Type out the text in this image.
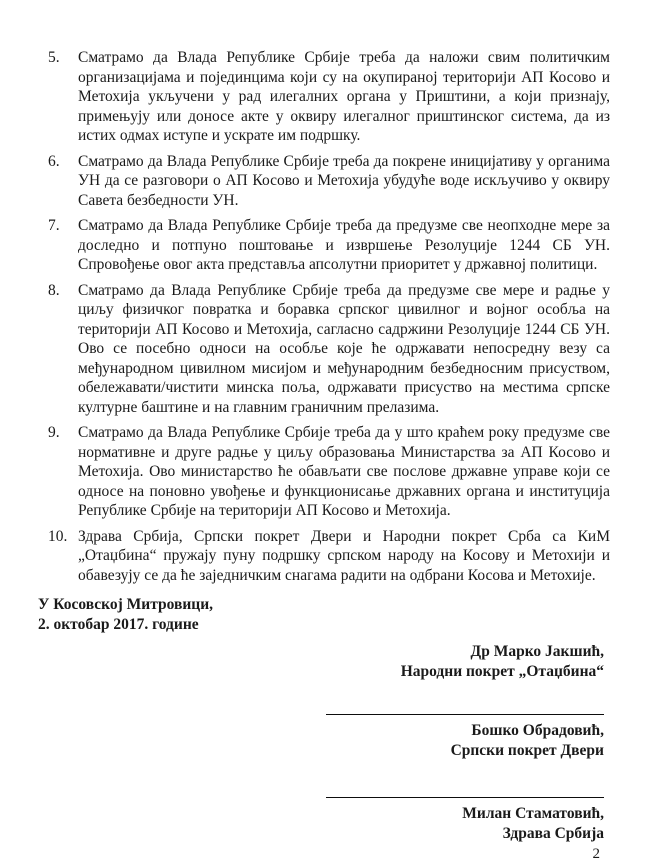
5.	Сматрамо да Влада Републике Србије треба да наложи свим политичким организацијама и појединцима који су на окупираној територији АП Косово и Метохија укључени у рад илегалних органа у Приштини, а који признају, примењују или доносе акте у оквиру илегалног приштинског система, да из истих одмах иступе и ускрате им подршку.
6.	Сматрамо да Влада Републике Србије треба да покрене иницијативу у органима УН да се разговори о АП Косово и Метохија убудуће воде искључиво у оквиру Савета безбедности УН.
7.	Сматрамо да Влада Републике Србије треба да предузме све неопходне мере за доследно и потпуно поштовање и извршење Резолуције 1244 СБ УН. Спровођење овог акта представља апсолутни приоритет у државној политици.
8.	Сматрамо да Влада Републике Србије треба да предузме све мере и радње у циљу физичког повратка и боравка српског цивилног и војног особља на територији АП Косово и Метохија, сагласно садржини Резолуције 1244 СБ УН. Ово се посебно односи на особље које ће одржавати непосредну везу са међународном цивилном мисијом и међународним безбедносним присуством, обележавати/чистити минска поља, одржавати присуство на местима српске културне баштине и на главним граничним прелазима.
9.	Сматрамо да Влада Републике Србије треба да у што краћем року предузме све нормативне и друге радње у циљу образовања Министарства за АП Косово и Метохија. Ово министарство ће обављати све послове државне управе који се односе на поновно увођење и функционисање државних органа и институција Републике Србије на територији АП Косово и Метохија.
10. Здрава Србија, Српски покрет Двери и Народни покрет Срба са КиМ „Отаџбина“ пружају пуну подршку српском народу на Косову и Метохији и обавезују се да ће заједничким снагама радити на одбрани Косова и Метохије.
У Косовској Митровици,
2. октобар 2017. године
Др Марко Јакшић,
Народни покрет „Отаџбина“
Бошко Обрадовић,
Српски покрет Двери
Милан Стаматовић,
Здрава Србија
2
